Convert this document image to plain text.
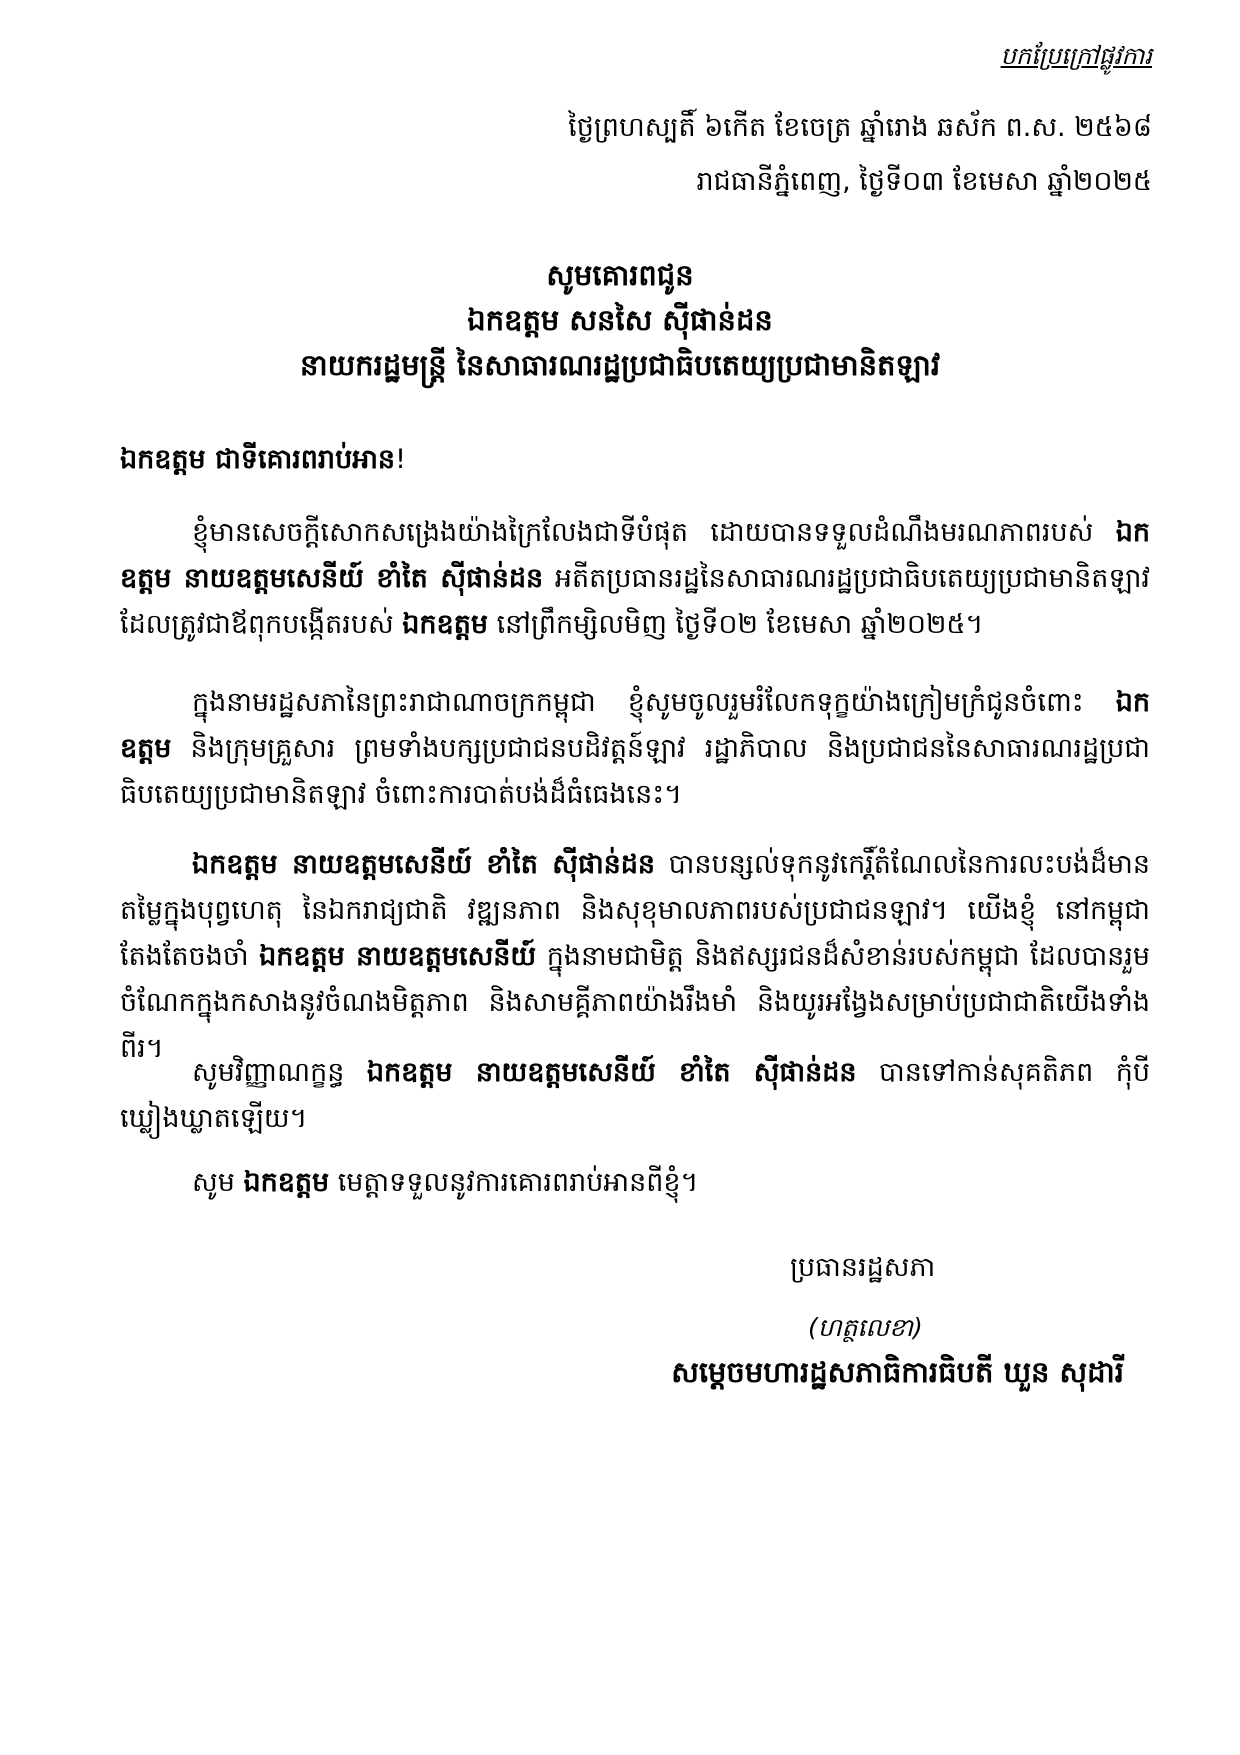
បកប្រែក្រៅផ្លូវការ
ថ្ងៃព្រហស្បតិ៍ ៦កើត ខែចេត្រ ឆ្នាំរោង ឆស័ក ព.ស. ២៥៦៨
រាជធានីភ្នំពេញ, ថ្ងៃទី០៣ ខែមេសា ឆ្នាំ២០២៥
សូមគោរពជូន
ឯកឧត្តម សនសៃ ស៊ីផាន់ដន
នាយករដ្ឋមន្ត្រី នៃសាធារណរដ្ឋប្រជាធិបតេយ្យប្រជាមានិតឡាវ
ឯកឧត្តម ជាទីគោរពរាប់អាន!
ខ្ញុំមានសេចក្តីសោកសង្រេងយ៉ាងក្រៃលែងជាទីបំផុត ដោយបានទទួលដំណឹងមរណភាពរបស់ ឯកឧត្តម នាយឧត្តមសេនីយ៍ ខាំតៃ ស៊ីផាន់ដន អតីតប្រធានរដ្ឋនៃសាធារណរដ្ឋប្រជាធិបតេយ្យប្រជាមានិតឡាវ ដែលត្រូវជាឪពុកបង្កើតរបស់ ឯកឧត្តម នៅព្រឹកម្សិលមិញ ថ្ងៃទី០២ ខែមេសា ឆ្នាំ២០២៥។
ក្នុងនាមរដ្ឋសភានៃព្រះរាជាណាចក្រកម្ពុជា ខ្ញុំសូមចូលរួមរំលែកទុក្ខយ៉ាងក្រៀមក្រំជូនចំពោះ ឯកឧត្តម និងក្រុមគ្រួសារ ព្រមទាំងបក្សប្រជាជនបដិវត្តន៍ឡាវ រដ្ឋាភិបាល និងប្រជាជននៃសាធារណរដ្ឋប្រជាធិបតេយ្យប្រជាមានិតឡាវ ចំពោះការបាត់បង់ដ៏ធំធេងនេះ។
ឯកឧត្តម នាយឧត្តមសេនីយ៍ ខាំតៃ ស៊ីផាន់ដន បានបន្សល់ទុកនូវកេរ្តិ៍តំណែលនៃការលះបង់ដ៏មានតម្លៃក្នុងបុព្វហេតុ នៃឯករាជ្យជាតិ វឌ្ឍនភាព និងសុខុមាលភាពរបស់ប្រជាជនឡាវ។ យើងខ្ញុំ នៅកម្ពុជាតែងតែចងចាំ ឯកឧត្តម នាយឧត្តមសេនីយ៍ ក្នុងនាមជាមិត្ត និងឥស្សរជនដ៏សំខាន់របស់កម្ពុជា ដែលបានរួមចំណែកក្នុងកសាងនូវចំណងមិត្តភាព និងសាមគ្គីភាពយ៉ាងរឹងមាំ និងយូរអង្វែងសម្រាប់ប្រជាជាតិយើងទាំងពីរ។
សូមវិញ្ញាណក្ខន្ធ ឯកឧត្តម នាយឧត្តមសេនីយ៍ ខាំតៃ ស៊ីផាន់ដន បានទៅកាន់សុគតិភព កុំបីឃ្លៀងឃ្លាតឡើយ។
សូម ឯកឧត្តម មេត្តាទទួលនូវការគោរពរាប់អានពីខ្ញុំ។
ប្រធានរដ្ឋសភា
(ហត្ថលេខា)
សម្តេចមហារដ្ឋសភាធិការធិបតី ឃួន សុដារី
